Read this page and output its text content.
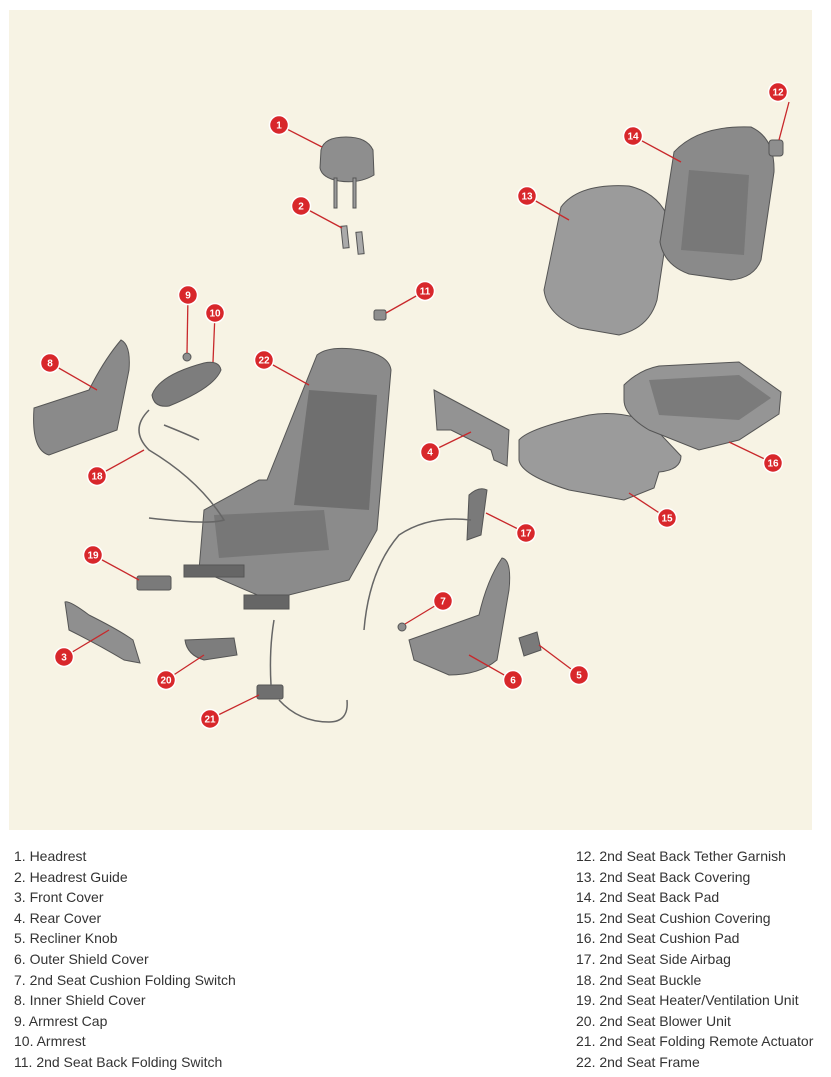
1
2
3
4
5
6
7
8
9
10
11
12
13
14
15
16
17
18
19
20
21
22
1. Headrest
2. Headrest Guide
3. Front Cover
4. Rear Cover
5. Recliner Knob
6. Outer Shield Cover
7. 2nd Seat Cushion Folding Switch
8. Inner Shield Cover
9. Armrest Cap
10. Armrest
11. 2nd Seat Back Folding Switch
12. 2nd Seat Back Tether Garnish
13. 2nd Seat Back Covering
14. 2nd Seat Back Pad
15. 2nd Seat Cushion Covering
16. 2nd Seat Cushion Pad
17. 2nd Seat Side Airbag
18. 2nd Seat Buckle
19. 2nd Seat Heater/Ventilation Unit
20. 2nd Seat Blower Unit
21. 2nd Seat Folding Remote Actuator
22. 2nd Seat Frame
